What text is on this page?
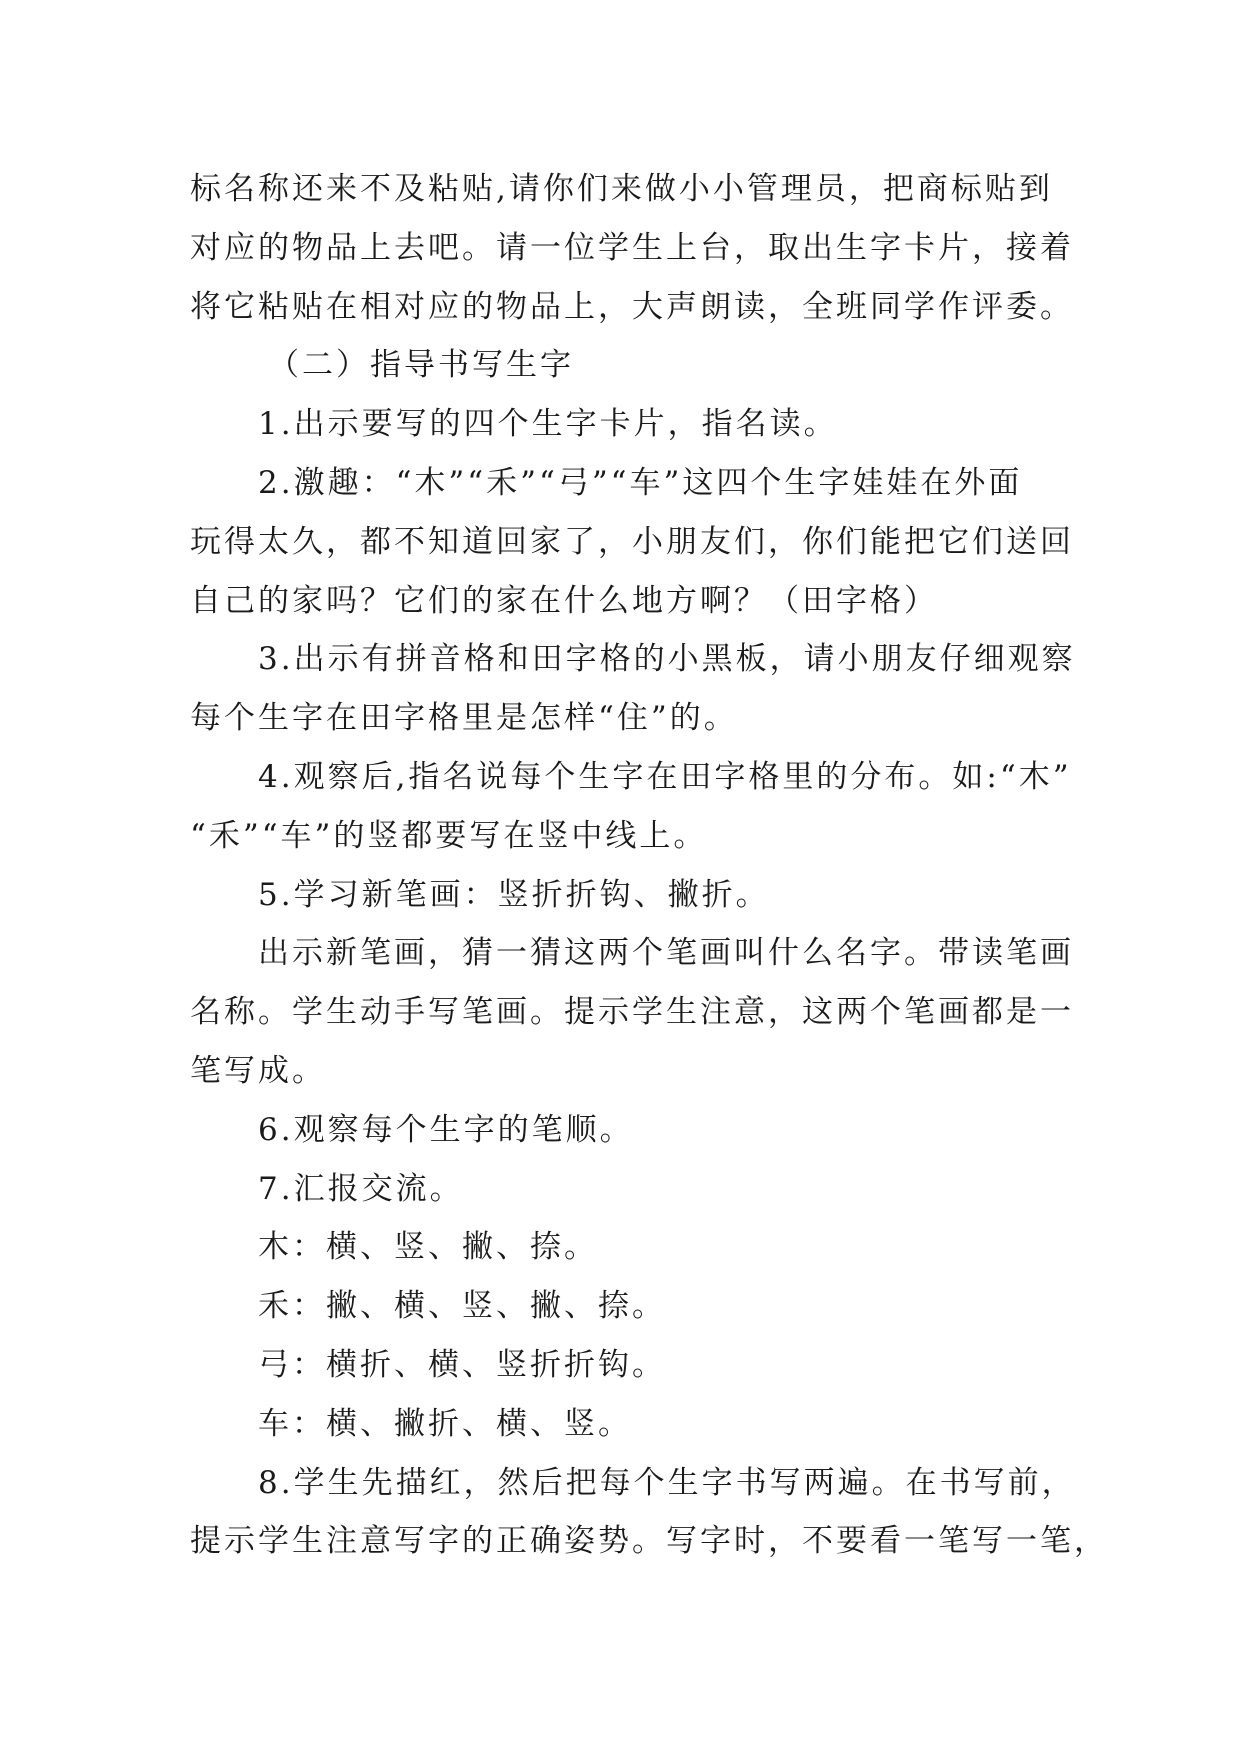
标名称还来不及粘贴,请你们来做小小管理员，把商标贴到
对应的物品上去吧。请一位学生上台，取出生字卡片，接着
将它粘贴在相对应的物品上，大声朗读，全班同学作评委。
（二）指导书写生字
1.出示要写的四个生字卡片，指名读。
2.激趣：“木”“禾”“弓”“车”这四个生字娃娃在外面
玩得太久，都不知道回家了，小朋友们，你们能把它们送回
自己的家吗？它们的家在什么地方啊？（田字格）
3.出示有拼音格和田字格的小黑板，请小朋友仔细观察
每个生字在田字格里是怎样“住”的。
4.观察后,指名说每个生字在田字格里的分布。如:“木”
“禾”“车”的竖都要写在竖中线上。
5.学习新笔画：竖折折钩、撇折。
出示新笔画，猜一猜这两个笔画叫什么名字。带读笔画
名称。学生动手写笔画。提示学生注意，这两个笔画都是一
笔写成。
6.观察每个生字的笔顺。
7.汇报交流。
木：横、竖、撇、捺。
禾：撇、横、竖、撇、捺。
弓：横折、横、竖折折钩。
车：横、撇折、横、竖。
8.学生先描红，然后把每个生字书写两遍。在书写前，
提示学生注意写字的正确姿势。写字时，不要看一笔写一笔，
